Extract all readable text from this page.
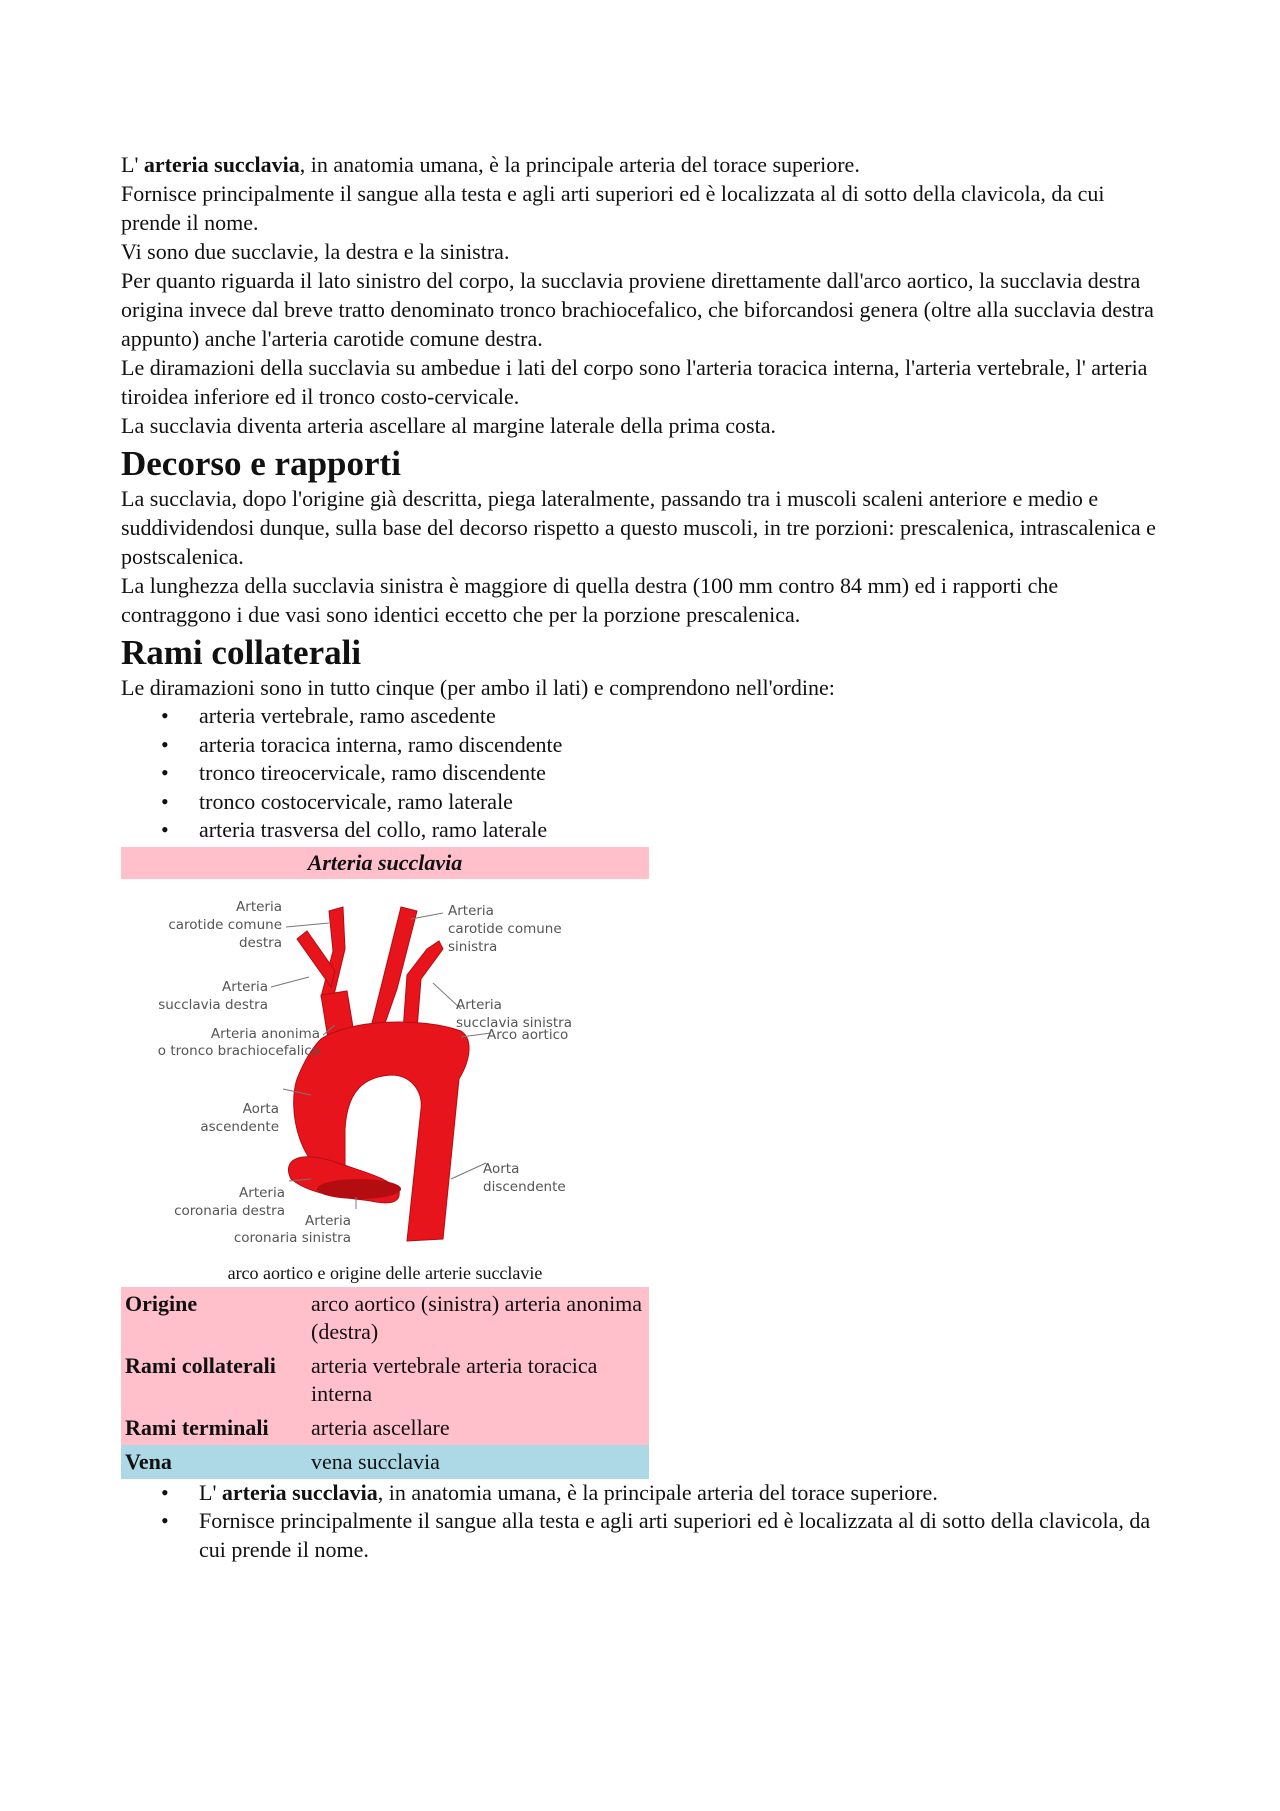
L' arteria succlavia, in anatomia umana, è la principale arteria del torace superiore.

Fornisce principalmente il sangue alla testa e agli arti superiori ed è localizzata al di sotto della clavicola, da cui prende il nome.

Vi sono due succlavie, la destra e la sinistra.

Per quanto riguarda il lato sinistro del corpo, la succlavia proviene direttamente dall'arco aortico, la succlavia destra origina invece dal breve tratto denominato tronco brachiocefalico, che biforcandosi genera (oltre alla succlavia destra appunto) anche l'arteria carotide comune destra.

Le diramazioni della succlavia su ambedue i lati del corpo sono l'arteria toracica interna, l'arteria vertebrale, l' arteria tiroidea inferiore ed il tronco costo-cervicale.

La succlavia diventa arteria ascellare al margine laterale della prima costa.

Decorso e rapporti

La succlavia, dopo l'origine già descritta, piega lateralmente, passando tra i muscoli scaleni anteriore e medio e suddividendosi dunque, sulla base del decorso rispetto a questo muscoli, in tre porzioni: prescalenica, intrascalenica e postscalenica.

La lunghezza della succlavia sinistra è maggiore di quella destra (100 mm contro 84 mm) ed i rapporti che contraggono i due vasi sono identici eccetto che per la porzione prescalenica.

Rami collaterali

Le diramazioni sono in tutto cinque (per ambo il lati) e comprendono nell'ordine:

• arteria vertebrale, ramo ascedente
• arteria toracica interna, ramo discendente
• tronco tireocervicale, ramo discendente
• tronco costocervicale, ramo laterale
• arteria trasversa del collo, ramo laterale
Arteria succlavia
Arteria
carotide comune
destra
Arteria
succlavia destra
Arteria anonima
o tronco brachiocefalico
Aorta
ascendente
Arteria
coronaria destra
Arteria
coronaria sinistra
Arteria
carotide comune
sinistra
Arteria
succlavia sinistra
Arco aortico
Aorta
discendente
arco aortico e origine delle arterie succlavie
Origine	arco aortico (sinistra) arteria anonima (destra)
Rami collaterali	arteria vertebrale arteria toracica interna
Rami terminali	arteria ascellare
Vena	vena succlavia
• L' arteria succlavia, in anatomia umana, è la principale arteria del torace superiore.
• Fornisce principalmente il sangue alla testa e agli arti superiori ed è localizzata al di sotto della clavicola, da cui prende il nome.
